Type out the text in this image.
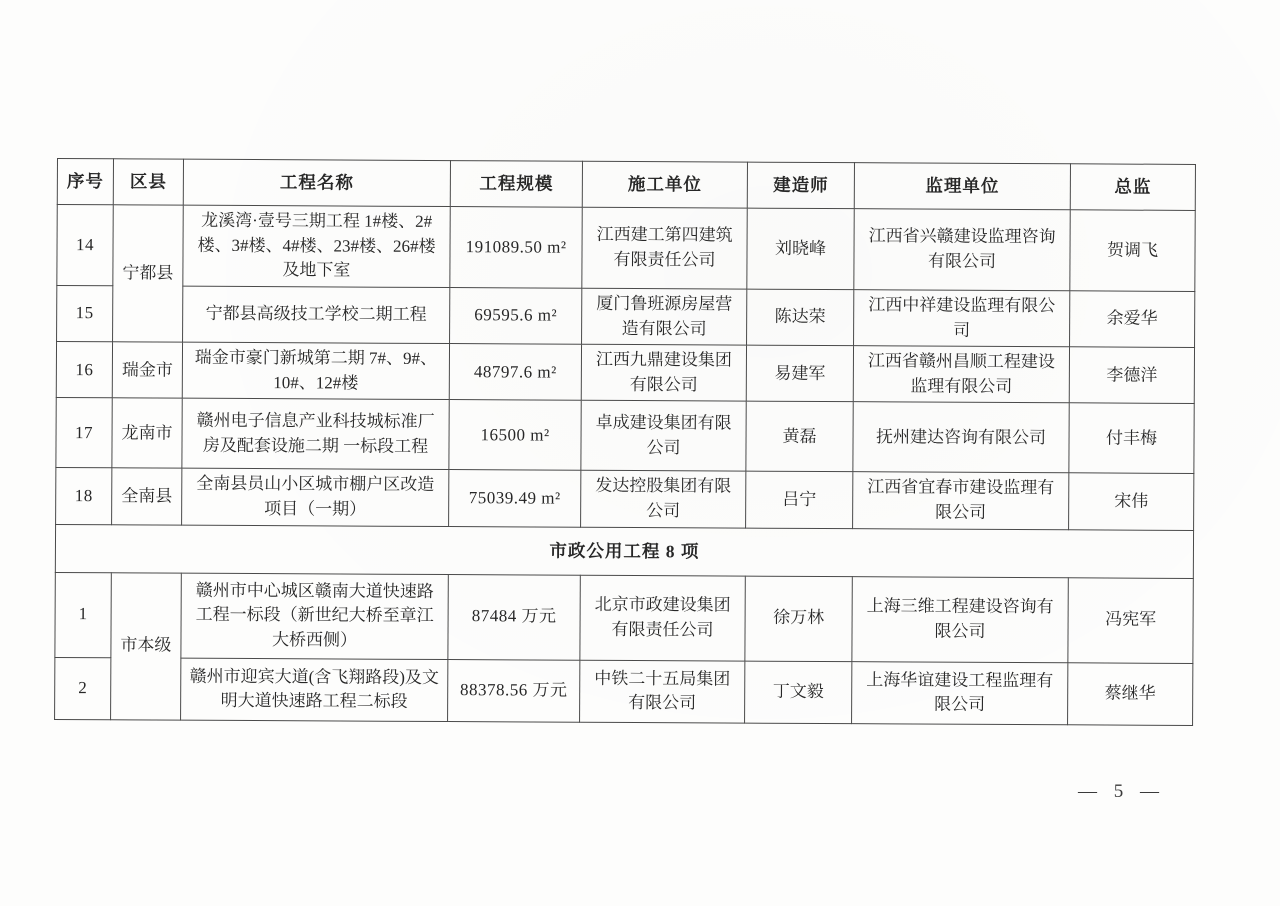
序号	区县	工程名称	工程规模	施工单位	建造师	监理单位	总监
14	宁都县	龙溪湾·壹号三期工程 1#楼、2#楼、3#楼、4#楼、23#楼、26#楼及地下室	191089.50 m²	江西建工第四建筑有限责任公司	刘晓峰	江西省兴赣建设监理咨询有限公司	贺调飞
15		宁都县高级技工学校二期工程	69595.6 m²	厦门鲁班源房屋营造有限公司	陈达荣	江西中祥建设监理有限公司	余爱华
16	瑞金市	瑞金市豪门新城第二期 7#、9#、10#、12#楼	48797.6 m²	江西九鼎建设集团有限公司	易建军	江西省赣州昌顺工程建设监理有限公司	李德洋
17	龙南市	赣州电子信息产业科技城标准厂房及配套设施二期 一标段工程	16500 m²	卓成建设集团有限公司	黄磊	抚州建达咨询有限公司	付丰梅
18	全南县	全南县员山小区城市棚户区改造项目（一期）	75039.49 m²	发达控股集团有限公司	吕宁	江西省宜春市建设监理有限公司	宋伟
市政公用工程 8 项							
1	市本级	赣州市中心城区赣南大道快速路工程一标段（新世纪大桥至章江大桥西侧）	87484 万元	北京市政建设集团有限责任公司	徐万林	上海三维工程建设咨询有限公司	冯宪军
2		赣州市迎宾大道(含飞翔路段)及文明大道快速路工程二标段	88378.56 万元	中铁二十五局集团有限公司	丁文毅	上海华谊建设工程监理有限公司	蔡继华
— 5 —
